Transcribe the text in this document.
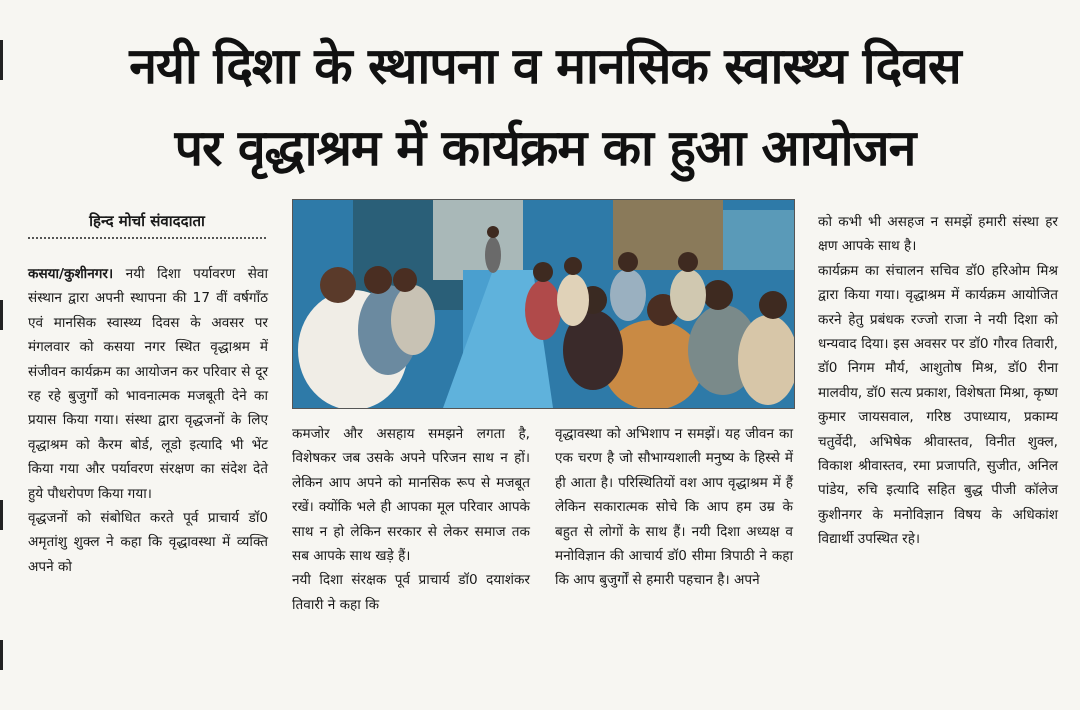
नयी दिशा के स्थापना व मानसिक स्वास्थ्य दिवस
पर वृद्धाश्रम में कार्यक्रम का हुआ आयोजन
हिन्द मोर्चा संवाददाता

कसया/कुशीनगर। नयी दिशा पर्यावरण सेवा संस्थान द्वारा अपनी स्थापना की 17 वीं वर्षगाँठ एवं मानसिक स्वास्थ्य दिवस के अवसर पर मंगलवार को कसया नगर स्थित वृद्धाश्रम में संजीवन कार्यक्रम का आयोजन कर परिवार से दूर रह रहे बुजुर्गों को भावनात्मक मजबूती देने का प्रयास किया गया। संस्था द्वारा वृद्धजनों के लिए वृद्धाश्रम को कैरम बोर्ड, लूडो इत्यादि भी भेंट किया गया और पर्यावरण संरक्षण का संदेश देते हुये पौधरोपण किया गया।

वृद्धजनों को संबोधित करते पूर्व प्राचार्य डॉ0 अमृतांशु शुक्ल ने कहा कि वृद्धावस्था में व्यक्ति अपने को

कमजोर और असहाय समझने लगता है, विशेषकर जब उसके अपने परिजन साथ न हों। लेकिन आप अपने को मानसिक रूप से मजबूत रखें। क्योंकि भले ही आपका मूल परिवार आपके साथ न हो लेकिन सरकार से लेकर समाज तक सब आपके साथ खड़े हैं।

नयी दिशा संरक्षक पूर्व प्राचार्य डॉ0 दयाशंकर तिवारी ने कहा कि

वृद्धावस्था को अभिशाप न समझें। यह जीवन का एक चरण है जो सौभाग्यशाली मनुष्य के हिस्से में ही आता है। परिस्थितियों वश आप वृद्धाश्रम में हैं लेकिन सकारात्मक सोचे कि आप हम उम्र के बहुत से लोगों के साथ हैं। नयी दिशा अध्यक्ष व मनोविज्ञान की आचार्य डॉ0 सीमा त्रिपाठी ने कहा कि आप बुजुर्गों से हमारी पहचान है। अपने

को कभी भी असहज न समझें हमारी संस्था हर क्षण आपके साथ है।

कार्यक्रम का संचालन सचिव डॉ0 हरिओम मिश्र द्वारा किया गया। वृद्धाश्रम में कार्यक्रम आयोजित करने हेतु प्रबंधक रज्जो राजा ने नयी दिशा को धन्यवाद दिया। इस अवसर पर डॉ0 गौरव तिवारी, डॉ0 निगम मौर्य, आशुतोष मिश्र, डॉ0 रीना मालवीय, डॉ0 सत्य प्रकाश, विशेषता मिश्रा, कृष्ण कुमार जायसवाल, गरिष्ठ उपाध्याय, प्रकाम्य चतुर्वेदी, अभिषेक श्रीवास्तव, विनीत शुक्ल, विकाश श्रीवास्तव, रमा प्रजापति, सुजीत, अनिल पांडेय, रुचि इत्यादि सहित बुद्ध पीजी कॉलेज कुशीनगर के मनोविज्ञान विषय के अधिकांश विद्यार्थी उपस्थित रहे।
